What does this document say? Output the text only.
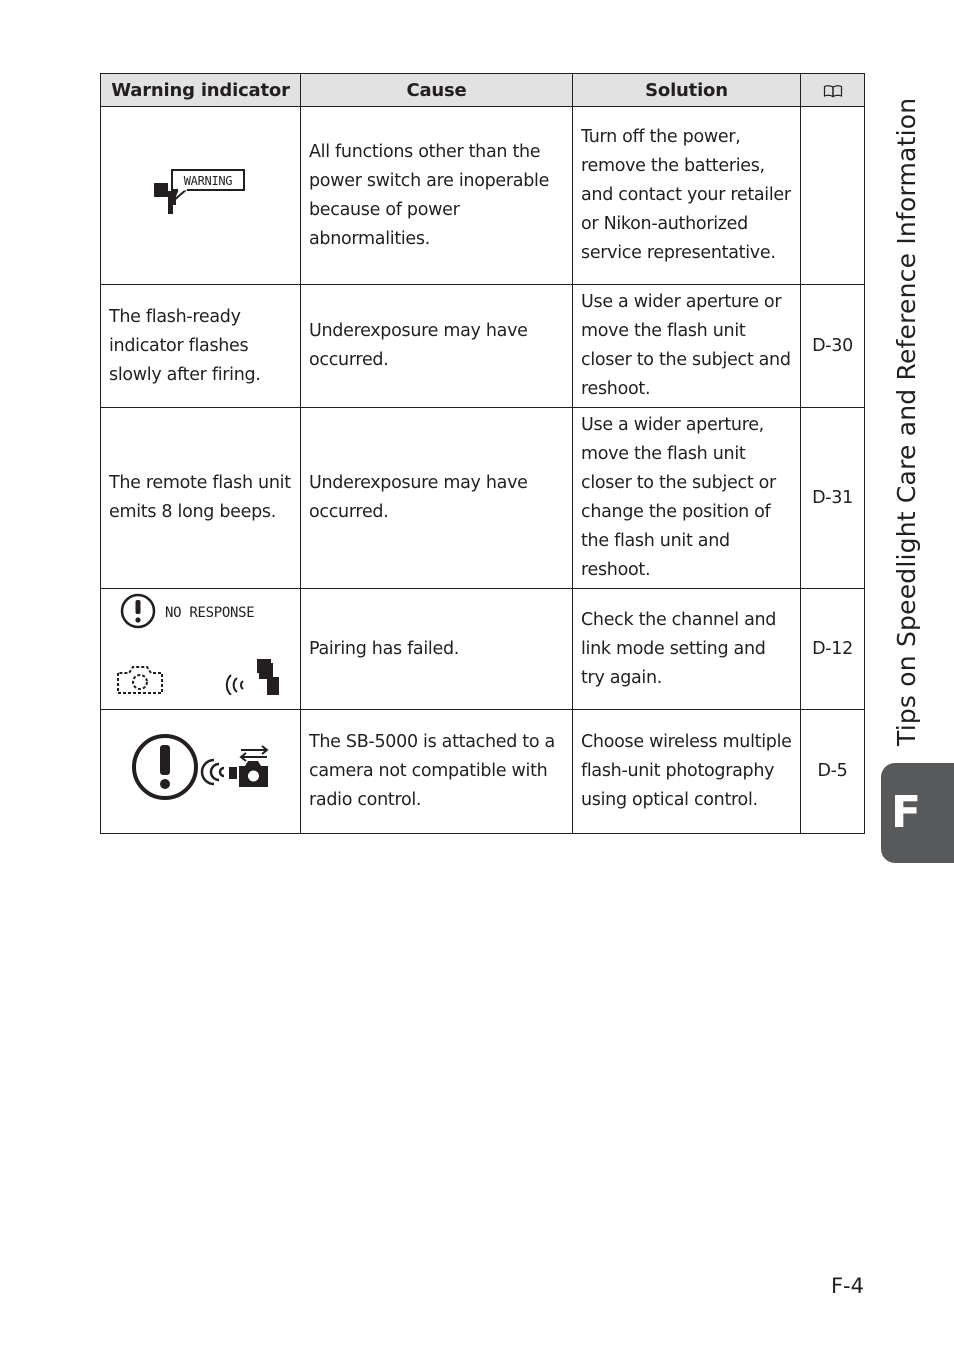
Warning indicator	Cause	Solution	

WARNING	All functions other than the power switch are inoperable because of power abnormalities.	Turn off the power, remove the batteries, and contact your retailer or Nikon-authorized service representative.	
The flash-ready indicator flashes slowly after firing.	Underexposure may have occurred.	Use a wider aperture or move the flash unit closer to the subject and reshoot.	D-30
The remote flash unit emits 8 long beeps.	Underexposure may have occurred.	Use a wider aperture, move the flash unit closer to the subject or change the position of the flash unit and reshoot.	D-31

NO RESPONSE	Pairing has failed.	Check the channel and link mode setting and try again.	D-12
	The SB-5000 is attached to a camera not compatible with radio control.	Choose wireless multiple flash-unit photography using optical control.	D-5
Tips on Speedlight Care and Reference Information
F
F-4
